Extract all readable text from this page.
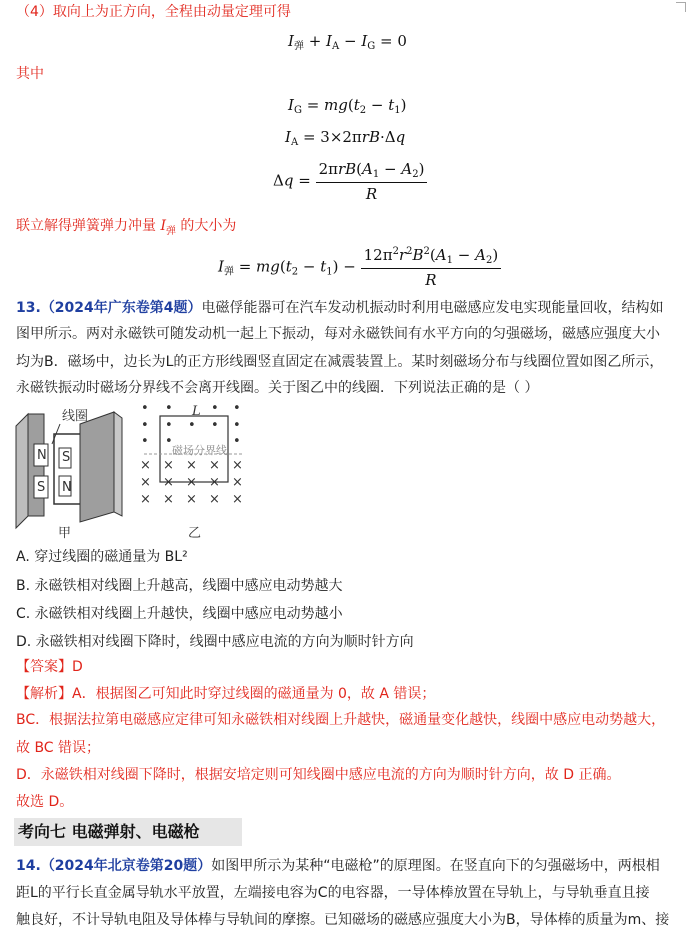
（4）取向上为正方向，全程由动量定理可得
$I_弹 + I_A - I_G = 0$
其中
$I_G = mg(t_2 - t_1)$
$I_A = 3\times 2\pi rB\cdot\Delta q$
$\Delta q = \frac{2\pi rB(A_1 - A_2)}{R}$
联立解得弹簧弹力冲量 $I_弹$ 的大小为
$I_弹 = mg(t_2 - t_1) - \frac{12\pi^2r^2B^2(A_1 - A_2)}{R}$
13.（2024年广东卷第4题）电磁俘能器可在汽车发动机振动时利用电磁感应发电实现能量回收，结构如
图甲所示。两对永磁铁可随发动机一起上下振动，每对永磁铁间有水平方向的匀强磁场，磁感应强度大小
均为B．磁场中，边长为L的正方形线圈竖直固定在减震装置上。某时刻磁场分布与线圈位置如图乙所示，
永磁铁振动时磁场分界线不会离开线圈。关于图乙中的线圈．下列说法正确的是（ ）
线圈
N
S
S
N
甲
L
磁场分界线
• •	• •
• • • • •
• •	•
× × × × ×
× × × × ×
× × × × ×
乙
A. 穿过线圈的磁通量为 BL²
B. 永磁铁相对线圈上升越高，线圈中感应电动势越大
C. 永磁铁相对线圈上升越快，线圈中感应电动势越小
D. 永磁铁相对线圈下降时，线圈中感应电流的方向为顺时针方向
【答案】D
【解析】A．根据图乙可知此时穿过线圈的磁通量为 0，故 A 错误；
BC．根据法拉第电磁感应定律可知永磁铁相对线圈上升越快，磁通量变化越快，线圈中感应电动势越大，
故 BC 错误；
D．永磁铁相对线圈下降时，根据安培定则可知线圈中感应电流的方向为顺时针方向，故 D 正确。
故选 D。
考向七 电磁弹射、电磁枪
14.（2024年北京卷第20题）如图甲所示为某种“电磁枪”的原理图。在竖直向下的匀强磁场中，两根相
距L的平行长直金属导轨水平放置，左端接电容为C的电容器，一导体棒放置在导轨上，与导轨垂直且接
触良好，不计导轨电阻及导体棒与导轨间的摩擦。已知磁场的磁感应强度大小为B，导体棒的质量为m、接
